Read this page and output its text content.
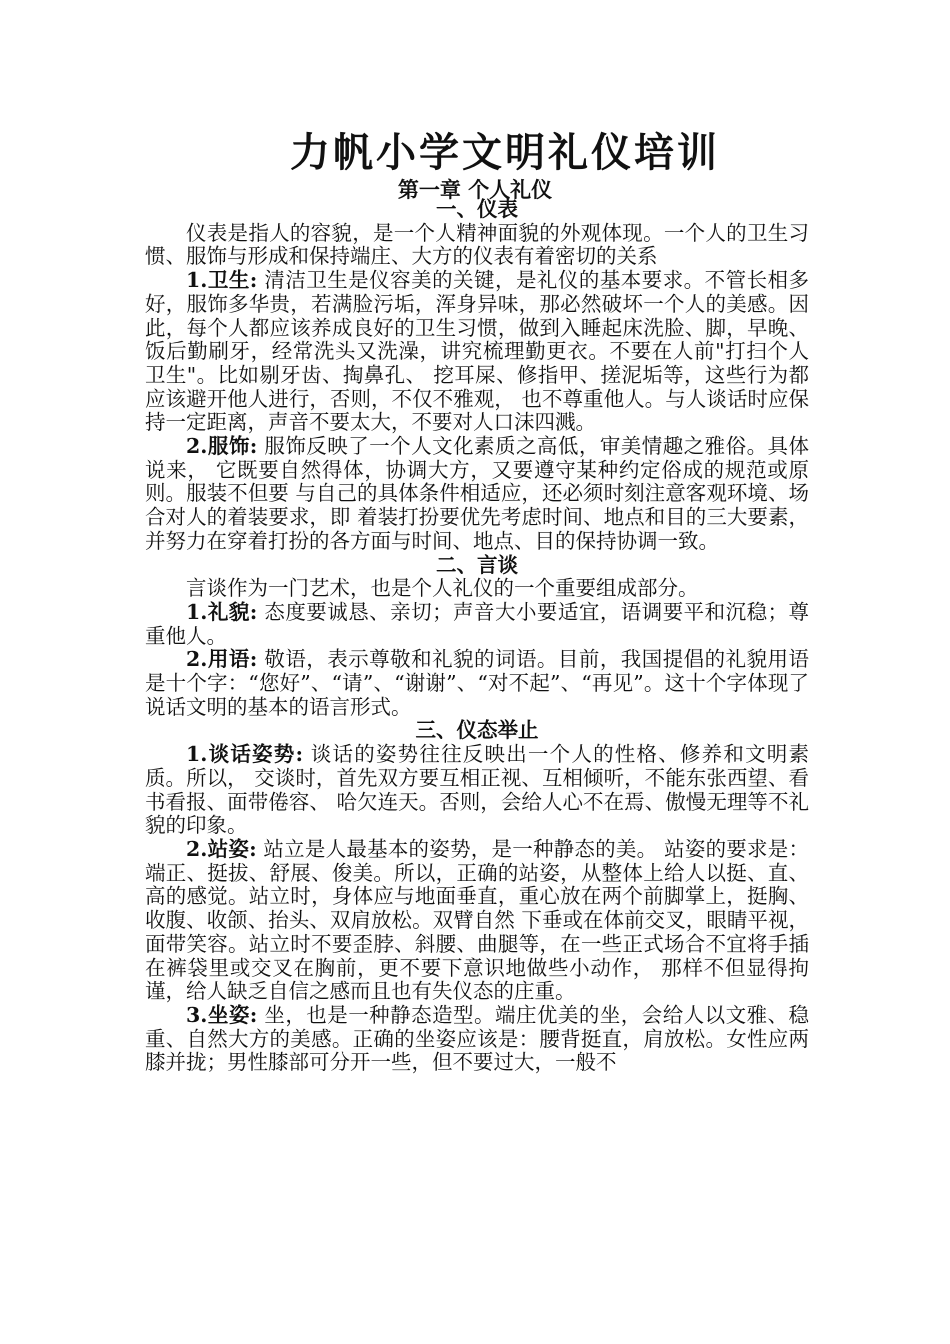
力帆小学文明礼仪培训
第一章 个人礼仪
一、仪表
仪表是指人的容貌，是一个人精神面貌的外观体现。一个人的卫生习惯、服饰与形成和保持端庄、大方的仪表有着密切的关系
1.卫生: 清洁卫生是仪容美的关键，是礼仪的基本要求。不管长相多好，服饰多华贵，若满脸污垢，浑身异味，那必然破坏一个人的美感。因此，每个人都应该养成良好的卫生习惯，做到入睡起床洗脸、脚，早晚、饭后勤刷牙，经常洗头又洗澡，讲究梳理勤更衣。不要在人前"打扫个人卫生"。比如剔牙齿、掏鼻孔、 挖耳屎、修指甲、搓泥垢等，这些行为都应该避开他人进行，否则，不仅不雅观， 也不尊重他人。与人谈话时应保持一定距离，声音不要太大，不要对人口沫四溅。
2.服饰: 服饰反映了一个人文化素质之高低，审美情趣之雅俗。具体说来， 它既要自然得体，协调大方，又要遵守某种约定俗成的规范或原则。服装不但要 与自己的具体条件相适应，还必须时刻注意客观环境、场合对人的着装要求，即 着装打扮要优先考虑时间、地点和目的三大要素，并努力在穿着打扮的各方面与时间、地点、目的保持协调一致。
二、言谈
言谈作为一门艺术，也是个人礼仪的一个重要组成部分。
1.礼貌: 态度要诚恳、亲切；声音大小要适宜，语调要平和沉稳；尊重他人。
2.用语: 敬语，表示尊敬和礼貌的词语。目前，我国提倡的礼貌用语是十个字：“您好”、“请”、“谢谢”、“对不起”、“再见”。这十个字体现了说话文明的基本的语言形式。
三、仪态举止
1.谈话姿势: 谈话的姿势往往反映出一个人的性格、修养和文明素质。所以， 交谈时，首先双方要互相正视、互相倾听，不能东张西望、看书看报、面带倦容、 哈欠连天。否则，会给人心不在焉、傲慢无理等不礼貌的印象。
2.站姿: 站立是人最基本的姿势，是一种静态的美。 站姿的要求是：端正、挺拔、舒展、俊美。所以，正确的站姿，从整体上给人以挺、直、高的感觉。站立时，身体应与地面垂直，重心放在两个前脚掌上，挺胸、收腹、收颌、抬头、双肩放松。双臂自然 下垂或在体前交叉，眼睛平视，面带笑容。站立时不要歪脖、斜腰、曲腿等，在一些正式场合不宜将手插在裤袋里或交叉在胸前，更不要下意识地做些小动作， 那样不但显得拘谨，给人缺乏自信之感而且也有失仪态的庄重。
3.坐姿: 坐，也是一种静态造型。端庄优美的坐，会给人以文雅、稳重、自然大方的美感。正确的坐姿应该是：腰背挺直，肩放松。女性应两膝并拢；男性膝部可分开一些，但不要过大，一般不
